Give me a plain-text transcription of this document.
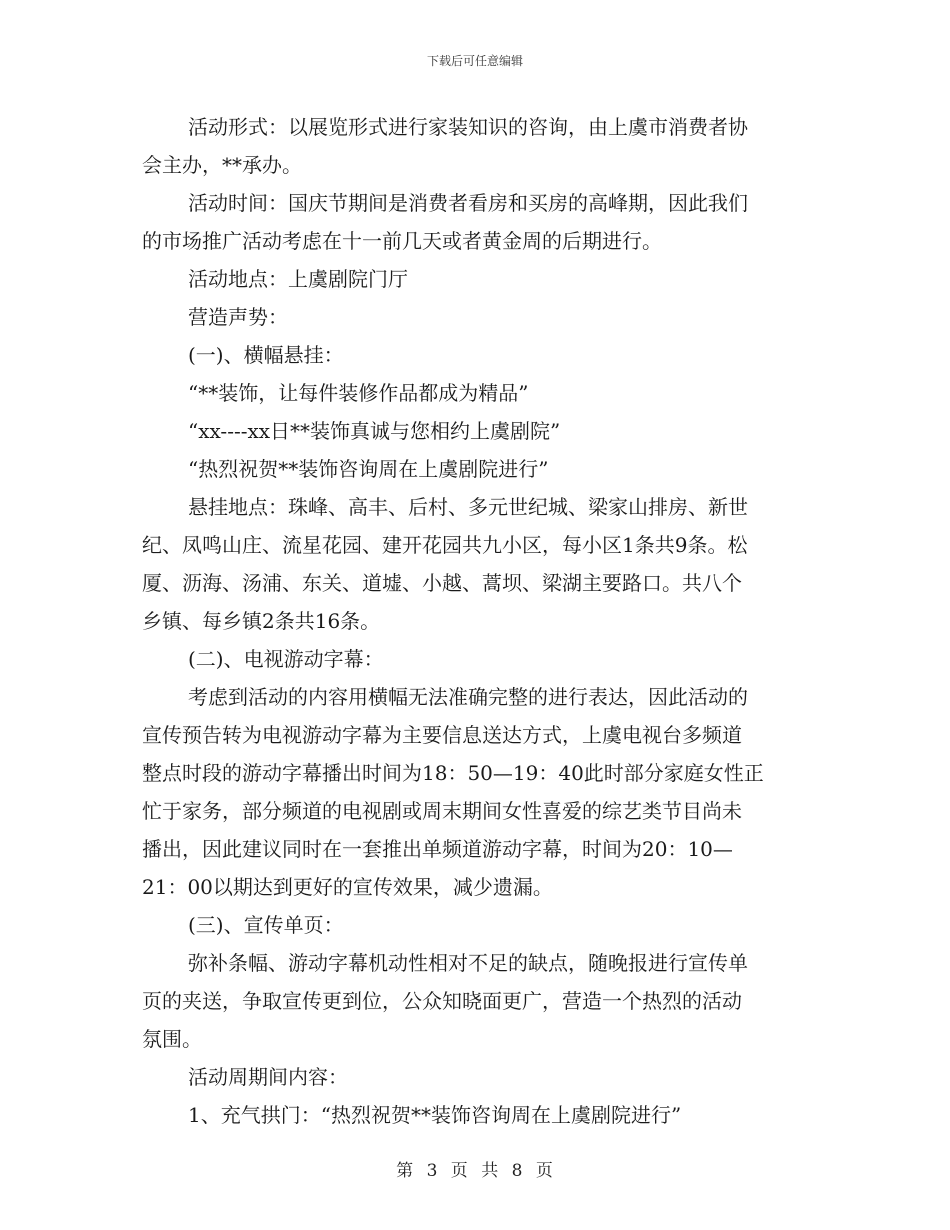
下载后可任意编辑

活动形式：以展览形式进行家装知识的咨询，由上虞市消费者协

会主办，**承办。

活动时间：国庆节期间是消费者看房和买房的高峰期，因此我们

的市场推广活动考虑在十一前几天或者黄金周的后期进行。

活动地点：上虞剧院门厅

营造声势：

(一)、横幅悬挂：

“**装饰，让每件装修作品都成为精品”

“xx----xx日**装饰真诚与您相约上虞剧院”

“热烈祝贺**装饰咨询周在上虞剧院进行”

悬挂地点：珠峰、高丰、后村、多元世纪城、梁家山排房、新世

纪、凤鸣山庄、流星花园、建开花园共九小区，每小区1条共9条。松

厦、沥海、汤浦、东关、道墟、小越、蒿坝、梁湖主要路口。共八个

乡镇、每乡镇2条共16条。

(二)、电视游动字幕：

考虑到活动的内容用横幅无法准确完整的进行表达，因此活动的

宣传预告转为电视游动字幕为主要信息送达方式，上虞电视台多频道

整点时段的游动字幕播出时间为18：50—19：40此时部分家庭女性正

忙于家务，部分频道的电视剧或周末期间女性喜爱的综艺类节目尚未

播出，因此建议同时在一套推出单频道游动字幕，时间为20：10—

21：00以期达到更好的宣传效果，减少遗漏。

(三)、宣传单页：

弥补条幅、游动字幕机动性相对不足的缺点，随晚报进行宣传单

页的夹送，争取宣传更到位，公众知晓面更广，营造一个热烈的活动

氛围。

活动周期间内容：

1、充气拱门：“热烈祝贺**装饰咨询周在上虞剧院进行”

第 3 页 共 8 页
